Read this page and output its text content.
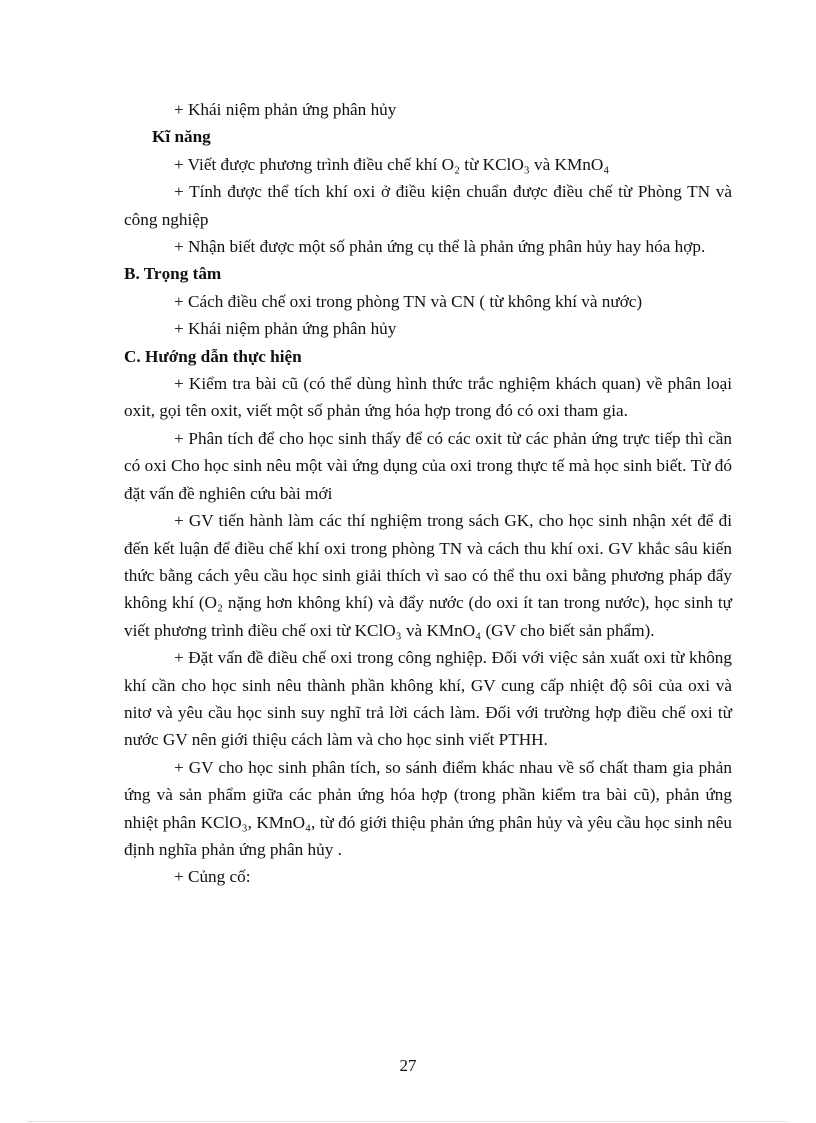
+ Khái niệm phản ứng phân hủy

Kĩ năng

+ Viết được phương trình điều chế khí O₂ từ KClO₃ và KMnO₄

+ Tính được thể tích khí oxi ở điều kiện chuẩn được điều chế từ Phòng TN và công nghiệp

+ Nhận biết được một số phản ứng cụ thể là phản ứng phân hủy hay hóa hợp.

B. Trọng tâm

+ Cách điều chế oxi trong phòng TN và CN ( từ không khí và nước)

+ Khái niệm phản ứng phân hủy

C. Hướng dẫn thực hiện

+ Kiểm tra bài cũ (có thể dùng hình thức trắc nghiệm khách quan) về phân loại oxit, gọi tên oxit, viết một số phản ứng hóa hợp trong đó có oxi tham gia.

+ Phân tích để cho học sinh thấy để có các oxit từ các phản ứng trực tiếp thì cần có oxi Cho học sinh nêu một vài ứng dụng của oxi trong thực tế mà học sinh biết. Từ đó đặt vấn đề nghiên cứu bài mới

+ GV tiến hành làm các thí nghiệm trong sách GK, cho học sinh nhận xét để đi đến kết luận để điều chế khí oxi trong phòng TN và cách thu khí oxi. GV khắc sâu kiến thức bằng cách yêu cầu học sinh giải thích vì sao có thể thu oxi bằng phương pháp đẩy không khí (O₂ nặng hơn không khí) và đẩy nước (do oxi ít tan trong nước), học sinh tự viết phương trình điều chế oxi từ KClO₃ và KMnO₄ (GV cho biết sản phẩm).

+ Đặt vấn đề điều chế oxi trong công nghiệp. Đối với việc sản xuất oxi từ không khí cần cho học sinh nêu thành phần không khí, GV cung cấp nhiệt độ sôi của oxi và nitơ và yêu cầu học sinh suy nghĩ trả lời cách làm. Đối với trường hợp điều chế oxi từ nước GV nên giới thiệu cách làm và cho học sinh viết PTHH.

+ GV cho học sinh phân tích, so sánh điểm khác nhau về số chất tham gia phản ứng và sản phẩm giữa các phản ứng hóa hợp (trong phần kiểm tra bài cũ), phản ứng nhiệt phân KClO₃, KMnO₄, từ đó giới thiệu phản ứng phân hủy và yêu cầu học sinh nêu định nghĩa phản ứng phân hủy .

+ Củng cố:

27
